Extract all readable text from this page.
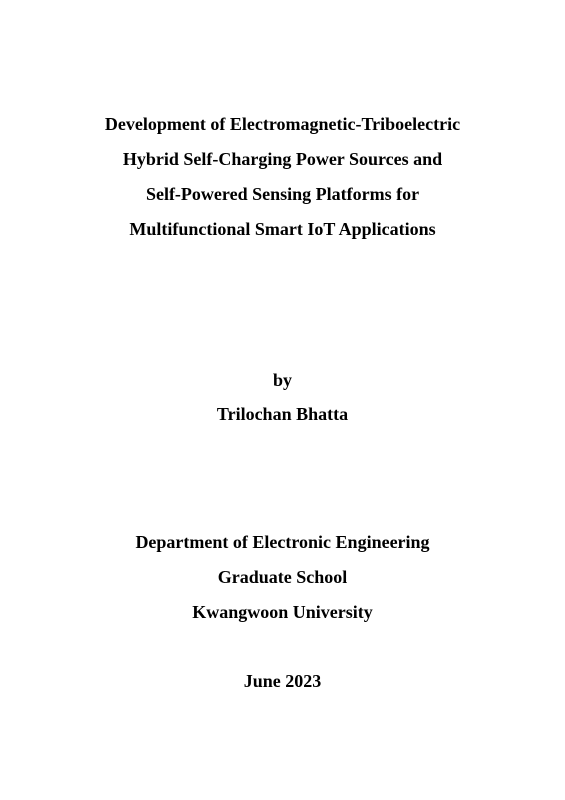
Development of Electromagnetic-Triboelectric
Hybrid Self-Charging Power Sources and
Self-Powered Sensing Platforms for
Multifunctional Smart IoT Applications
by
Trilochan Bhatta
Department of Electronic Engineering
Graduate School
Kwangwoon University
June 2023
